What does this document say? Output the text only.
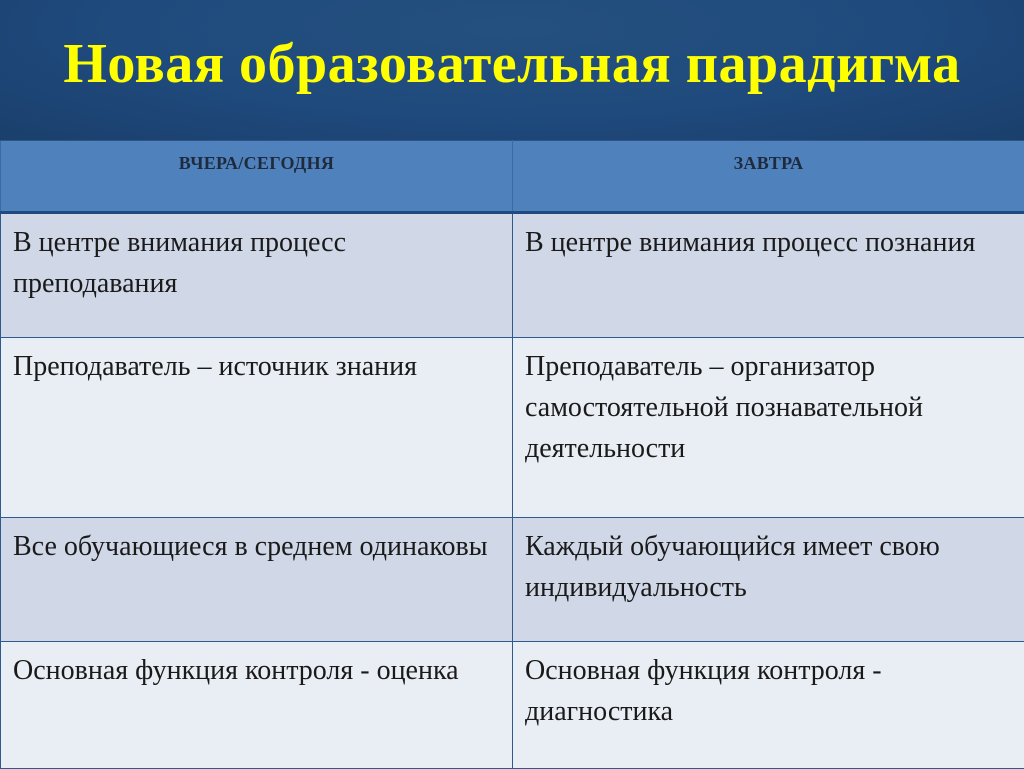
Новая образовательная парадигма
ВЧЕРА/СЕГОДНЯ	ЗАВТРА
В центре внимания процесс преподавания	В центре внимания процесс познания
Преподаватель – источник знания	Преподаватель – организатор самостоятельной познавательной деятельности
Все обучающиеся в среднем одинаковы	Каждый обучающийся имеет свою индивидуальность
Основная функция контроля - оценка	Основная функция контроля - диагностика
